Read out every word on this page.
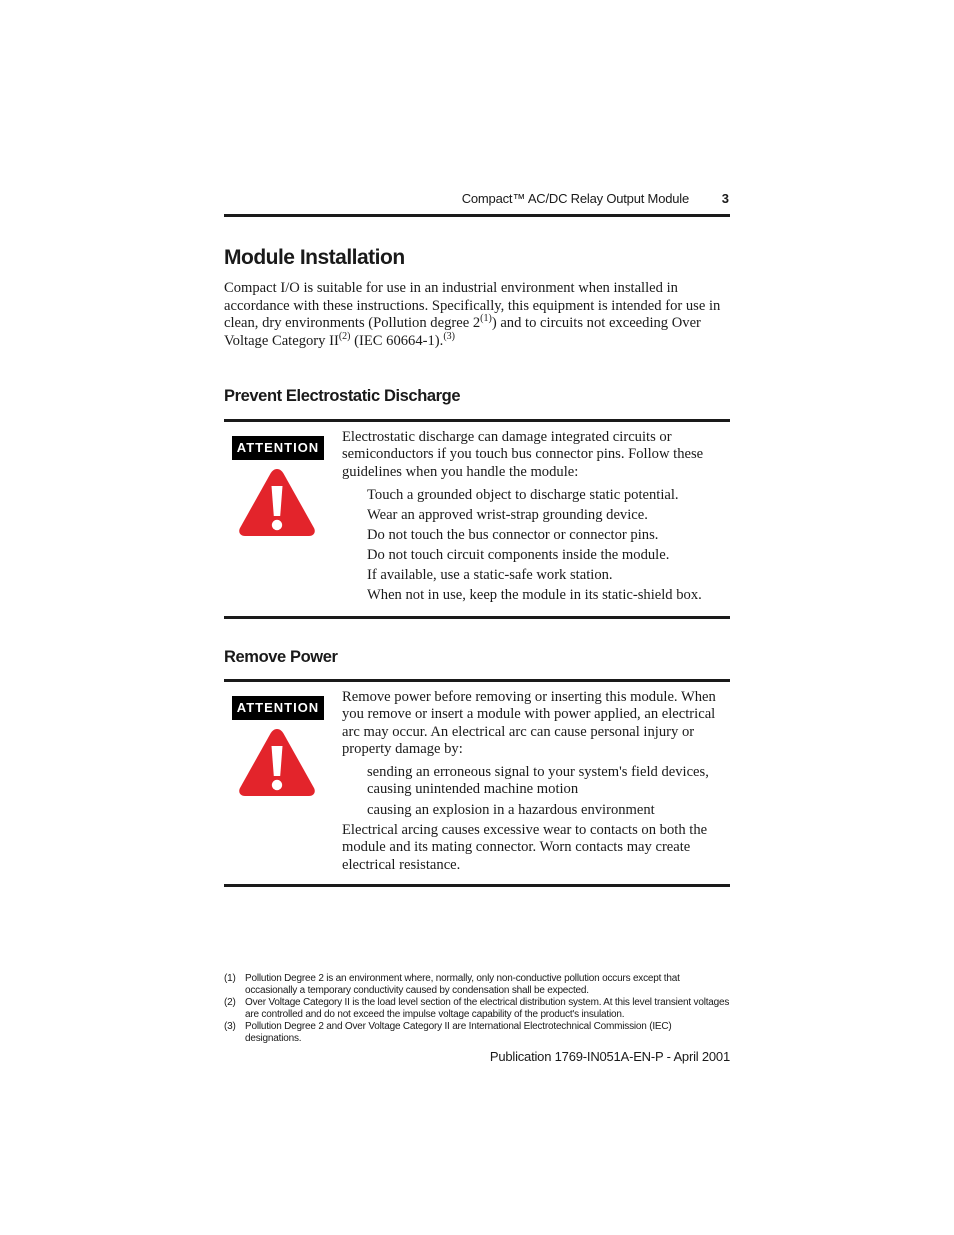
Compact™ AC/DC Relay Output Module	3
Module Installation

Compact I/O is suitable for use in an industrial environment when installed in accordance with these instructions. Specifically, this equipment is intended for use in clean, dry environments (Pollution degree 2$^{(1)}$) and to circuits not exceeding Over Voltage Category II$^{(2)}$ (IEC 60664-1).$^{(3)}$

Prevent Electrostatic Discharge
ATTENTION

Electrostatic discharge can damage integrated circuits or semiconductors if you touch bus connector pins. Follow these guidelines when you handle the module:

Touch a grounded object to discharge static potential.
Wear an approved wrist-strap grounding device.
Do not touch the bus connector or connector pins.
Do not touch circuit components inside the module.
If available, use a static-safe work station.
When not in use, keep the module in its static-shield box.
Remove Power
ATTENTION

Remove power before removing or inserting this module. When you remove or insert a module with power applied, an electrical arc may occur. An electrical arc can cause personal injury or property damage by:

sending an erroneous signal to your system's field devices, causing unintended machine motion
causing an explosion in a hazardous environment

Electrical arcing causes excessive wear to contacts on both the module and its mating connector. Worn contacts may create electrical resistance.

(1) Pollution Degree 2 is an environment where, normally, only non-conductive pollution occurs except that occasionally a temporary conductivity caused by condensation shall be expected.
(2) Over Voltage Category II is the load level section of the electrical distribution system. At this level transient voltages are controlled and do not exceed the impulse voltage capability of the product's insulation.
(3) Pollution Degree 2 and Over Voltage Category II are International Electrotechnical Commission (IEC) designations.
Publication 1769-IN051A-EN-P - April 2001
